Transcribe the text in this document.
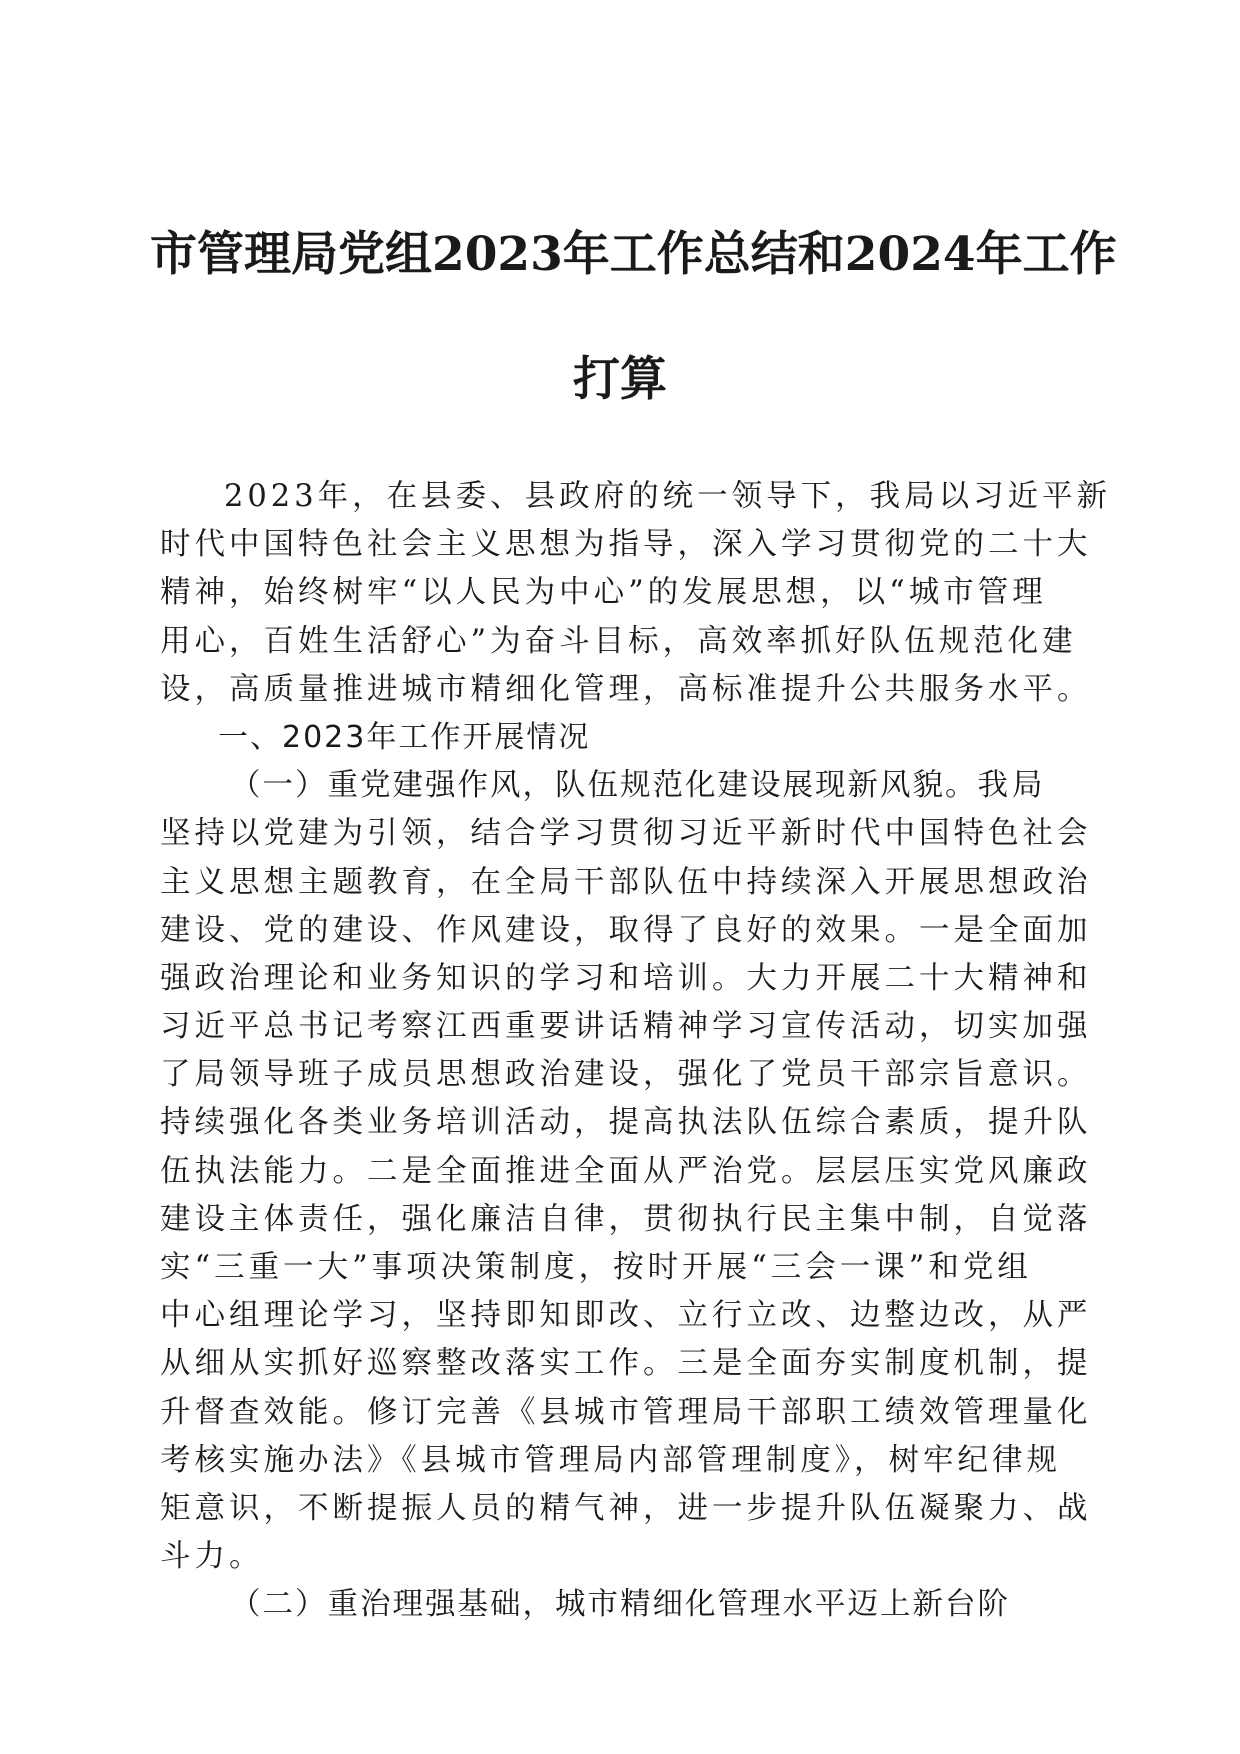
市管理局党组2023年工作总结和2024年工作
打算
2023年，在县委、县政府的统一领导下，我局以习近平新
时代中国特色社会主义思想为指导，深入学习贯彻党的二十大
精神，始终树牢“以人民为中心”的发展思想，以“城市管理
用心，百姓生活舒心”为奋斗目标，高效率抓好队伍规范化建
设，高质量推进城市精细化管理，高标准提升公共服务水平。
一、2023年工作开展情况
（一）重党建强作风，队伍规范化建设展现新风貌。我局
坚持以党建为引领，结合学习贯彻习近平新时代中国特色社会
主义思想主题教育，在全局干部队伍中持续深入开展思想政治
建设、党的建设、作风建设，取得了良好的效果。一是全面加
强政治理论和业务知识的学习和培训。大力开展二十大精神和
习近平总书记考察江西重要讲话精神学习宣传活动，切实加强
了局领导班子成员思想政治建设，强化了党员干部宗旨意识。
持续强化各类业务培训活动，提高执法队伍综合素质，提升队
伍执法能力。二是全面推进全面从严治党。层层压实党风廉政
建设主体责任，强化廉洁自律，贯彻执行民主集中制，自觉落
实“三重一大”事项决策制度，按时开展“三会一课”和党组
中心组理论学习，坚持即知即改、立行立改、边整边改，从严
从细从实抓好巡察整改落实工作。三是全面夯实制度机制，提
升督查效能。修订完善《县城市管理局干部职工绩效管理量化
考核实施办法》《县城市管理局内部管理制度》，树牢纪律规
矩意识，不断提振人员的精气神，进一步提升队伍凝聚力、战
斗力。
（二）重治理强基础，城市精细化管理水平迈上新台阶
